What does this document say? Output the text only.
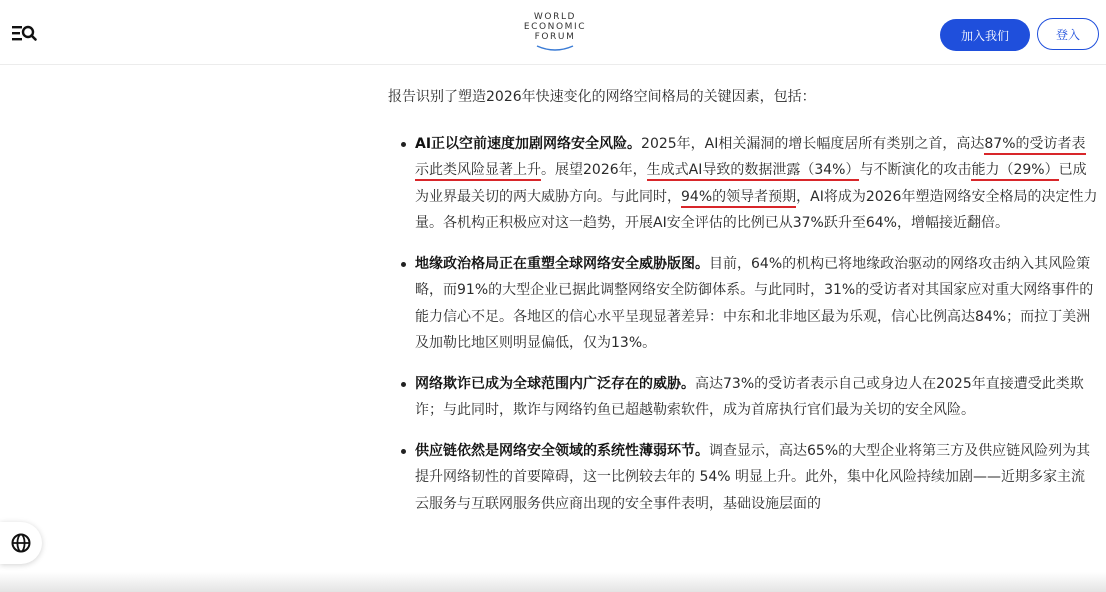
WORLD
ECONOMIC
FORUM	加入我们	登入

报告识别了塑造2026年快速变化的网络空间格局的关键因素，包括：

AI正以空前速度加剧网络安全风险。2025年，AI相关漏洞的增长幅度居所有类别之首，高达87%的受访者表示此类风险显著上升。展望2026年，生成式AI导致的数据泄露（34%）与不断演化的攻击能力（29%）已成为业界最关切的两大威胁方向。与此同时，94%的领导者预期，AI将成为2026年塑造网络安全格局的决定性力量。各机构正积极应对这一趋势，开展AI安全评估的比例已从37%跃升至64%，增幅接近翻倍。
地缘政治格局正在重塑全球网络安全威胁版图。目前，64%的机构已将地缘政治驱动的网络攻击纳入其风险策略，而91%的大型企业已据此调整网络安全防御体系。与此同时，31%的受访者对其国家应对重大网络事件的能力信心不足。各地区的信心水平呈现显著差异：中东和北非地区最为乐观，信心比例高达84%；而拉丁美洲及加勒比地区则明显偏低，仅为13%。
网络欺诈已成为全球范围内广泛存在的威胁。高达73%的受访者表示自己或身边人在2025年直接遭受此类欺诈；与此同时，欺诈与网络钓鱼已超越勒索软件，成为首席执行官们最为关切的安全风险。
供应链依然是网络安全领域的系统性薄弱环节。调查显示，高达65%的大型企业将第三方及供应链风险列为其提升网络韧性的首要障碍，这一比例较去年的 54% 明显上升。此外，集中化风险持续加剧——近期多家主流云服务与互联网服务供应商出现的安全事件表明，基础设施层面的
